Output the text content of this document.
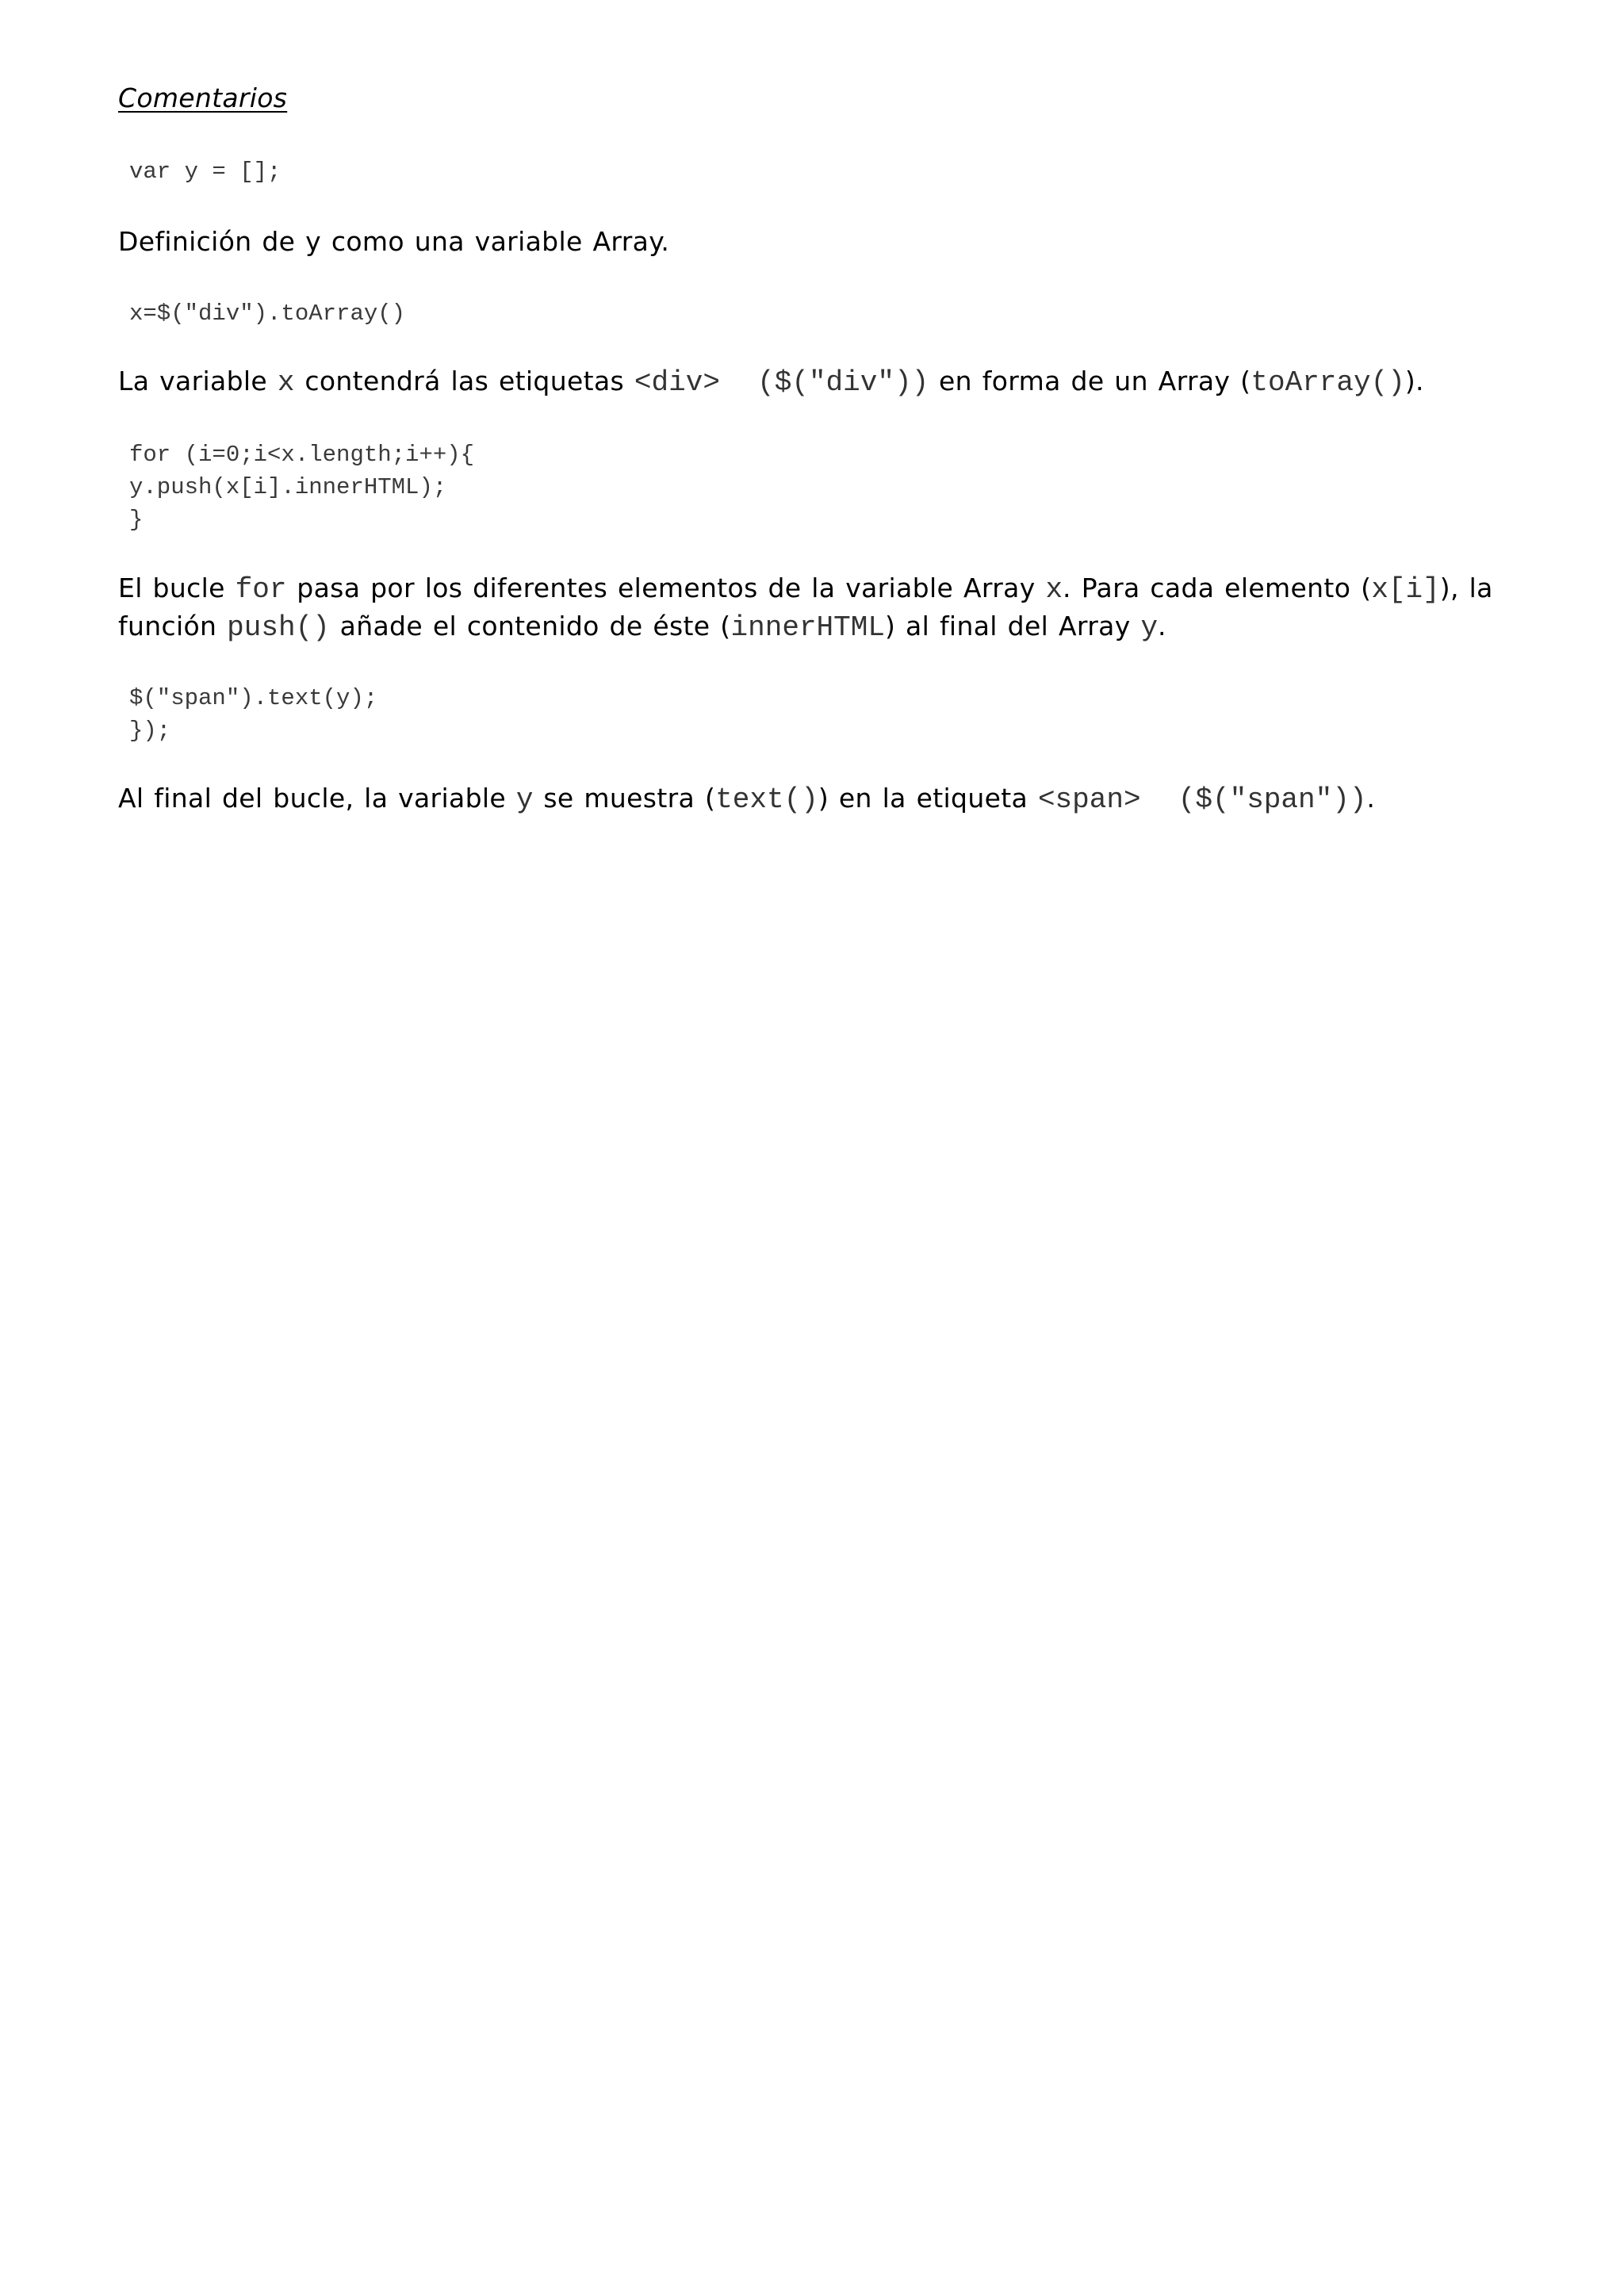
Comentarios
var y = [];
Definición de y como una variable Array.
x=$("div").toArray()
La variable x contendrá las etiquetas <div>  ($("div")) en forma de un Array (toArray()).
for (i=0;i<x.length;i++){
y.push(x[i].innerHTML);
}
El bucle for pasa por los diferentes elementos de la variable Array x. Para cada elemento (x[i]), la
función push() añade el contenido de éste (innerHTML) al final del Array y.
$("span").text(y);
});
Al final del bucle, la variable y se muestra (text()) en la etiqueta <span>  ($("span")).
